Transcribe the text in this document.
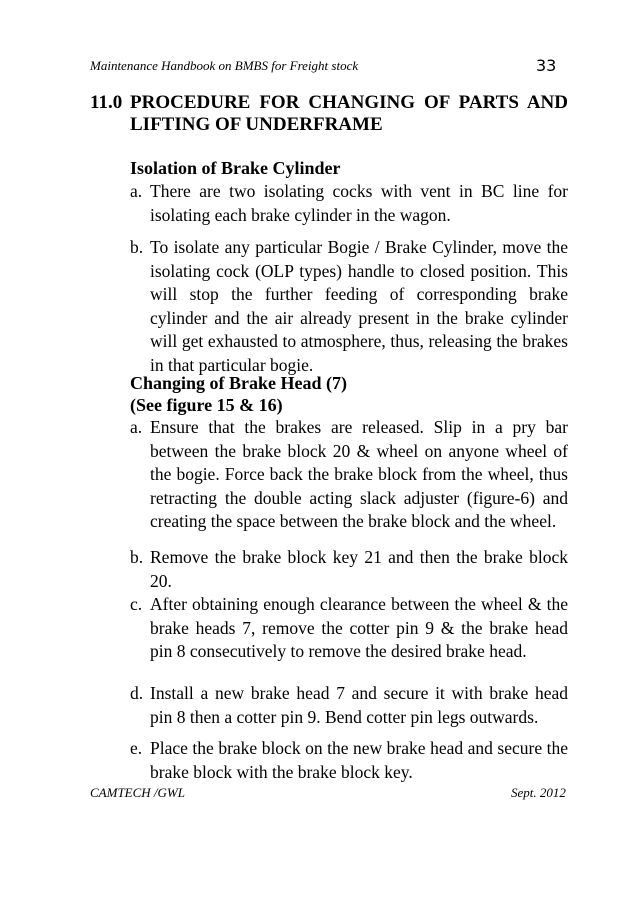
Maintenance Handbook on BMBS for Freight stock	33
11.0 PROCEDURE FOR CHANGING OF PARTS AND
LIFTING OF UNDERFRAME
Isolation of Brake Cylinder
a. There are two isolating cocks with vent in BC line for isolating each brake cylinder in the wagon.
b. To isolate any particular Bogie / Brake Cylinder, move the isolating cock (OLP types) handle to closed position. This will stop the further feeding of corresponding brake cylinder and the air already present in the brake cylinder will get exhausted to atmosphere, thus, releasing the brakes in that particular bogie.
Changing of Brake Head (7)
(See figure 15 & 16)
a. Ensure that the brakes are released. Slip in a pry bar between the brake block 20 & wheel on anyone wheel of the bogie. Force back the brake block from the wheel, thus retracting the double acting slack adjuster (figure-6) and creating the space between the brake block and the wheel.
b. Remove the brake block key 21 and then the brake block 20.
c. After obtaining enough clearance between the wheel & the brake heads 7, remove the cotter pin 9 & the brake head pin 8 consecutively to remove the desired brake head.
d. Install a new brake head 7 and secure it with brake head pin 8 then a cotter pin 9. Bend cotter pin legs outwards.
e. Place the brake block on the new brake head and secure the brake block with the brake block key.
CAMTECH /GWL	Sept. 2012
